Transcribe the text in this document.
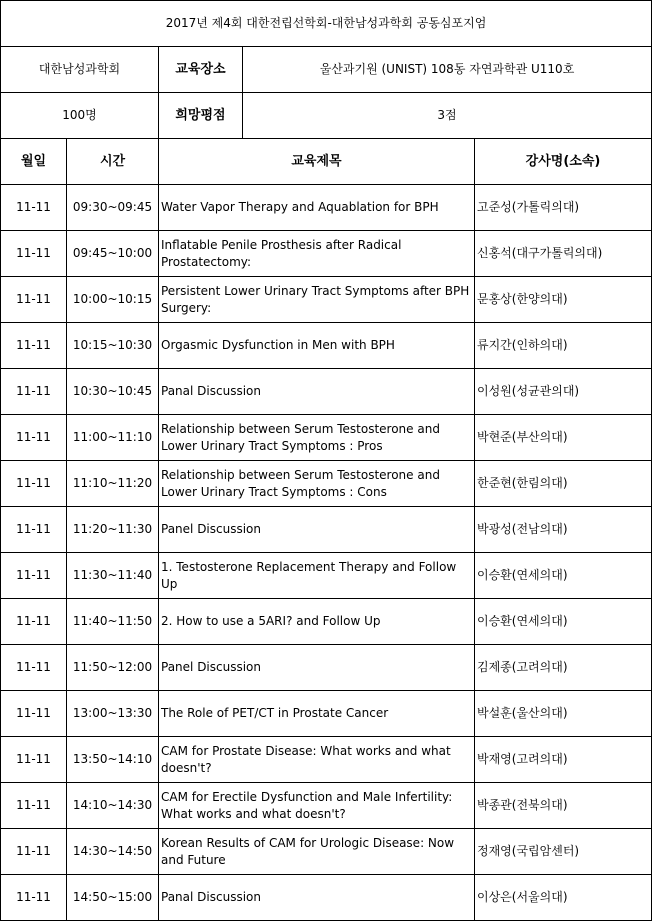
2017년 제4회 대한전립선학회-대한남성과학회 공동심포지엄				
대한남성과학회		교육장소	울산과기원 (UNIST) 108동 자연과학관 U110호	
100명		희망평점	3점	
월일	시간	교육제목		강사명(소속)
11-11	09:30~09:45	Water Vapor Therapy and Aquablation for BPH		고준성(가톨릭의대)
11-11	09:45~10:00	Inflatable Penile Prosthesis after Radical Prostatectomy:		신홍석(대구가톨릭의대)
11-11	10:00~10:15	Persistent Lower Urinary Tract Symptoms after BPH Surgery:		문홍상(한양의대)
11-11	10:15~10:30	Orgasmic Dysfunction in Men with BPH		류지간(인하의대)
11-11	10:30~10:45	Panal Discussion		이성원(성균관의대)
11-11	11:00~11:10	Relationship between Serum Testosterone and Lower Urinary Tract Symptoms : Pros		박현준(부산의대)
11-11	11:10~11:20	Relationship between Serum Testosterone and Lower Urinary Tract Symptoms : Cons		한준현(한림의대)
11-11	11:20~11:30	Panel Discussion		박광성(전남의대)
11-11	11:30~11:40	1. Testosterone Replacement Therapy and Follow Up		이승환(연세의대)
11-11	11:40~11:50	2. How to use a 5ARI? and Follow Up		이승환(연세의대)
11-11	11:50~12:00	Panel Discussion		김제종(고려의대)
11-11	13:00~13:30	The Role of PET/CT in Prostate Cancer		박설훈(울산의대)
11-11	13:50~14:10	CAM for Prostate Disease: What works and what doesn't?		박재영(고려의대)
11-11	14:10~14:30	CAM for Erectile Dysfunction and Male Infertility: What works and what doesn't?		박종관(전북의대)
11-11	14:30~14:50	Korean Results of CAM for Urologic Disease: Now and Future		정재영(국립암센터)
11-11	14:50~15:00	Panal Discussion		이상은(서울의대)
